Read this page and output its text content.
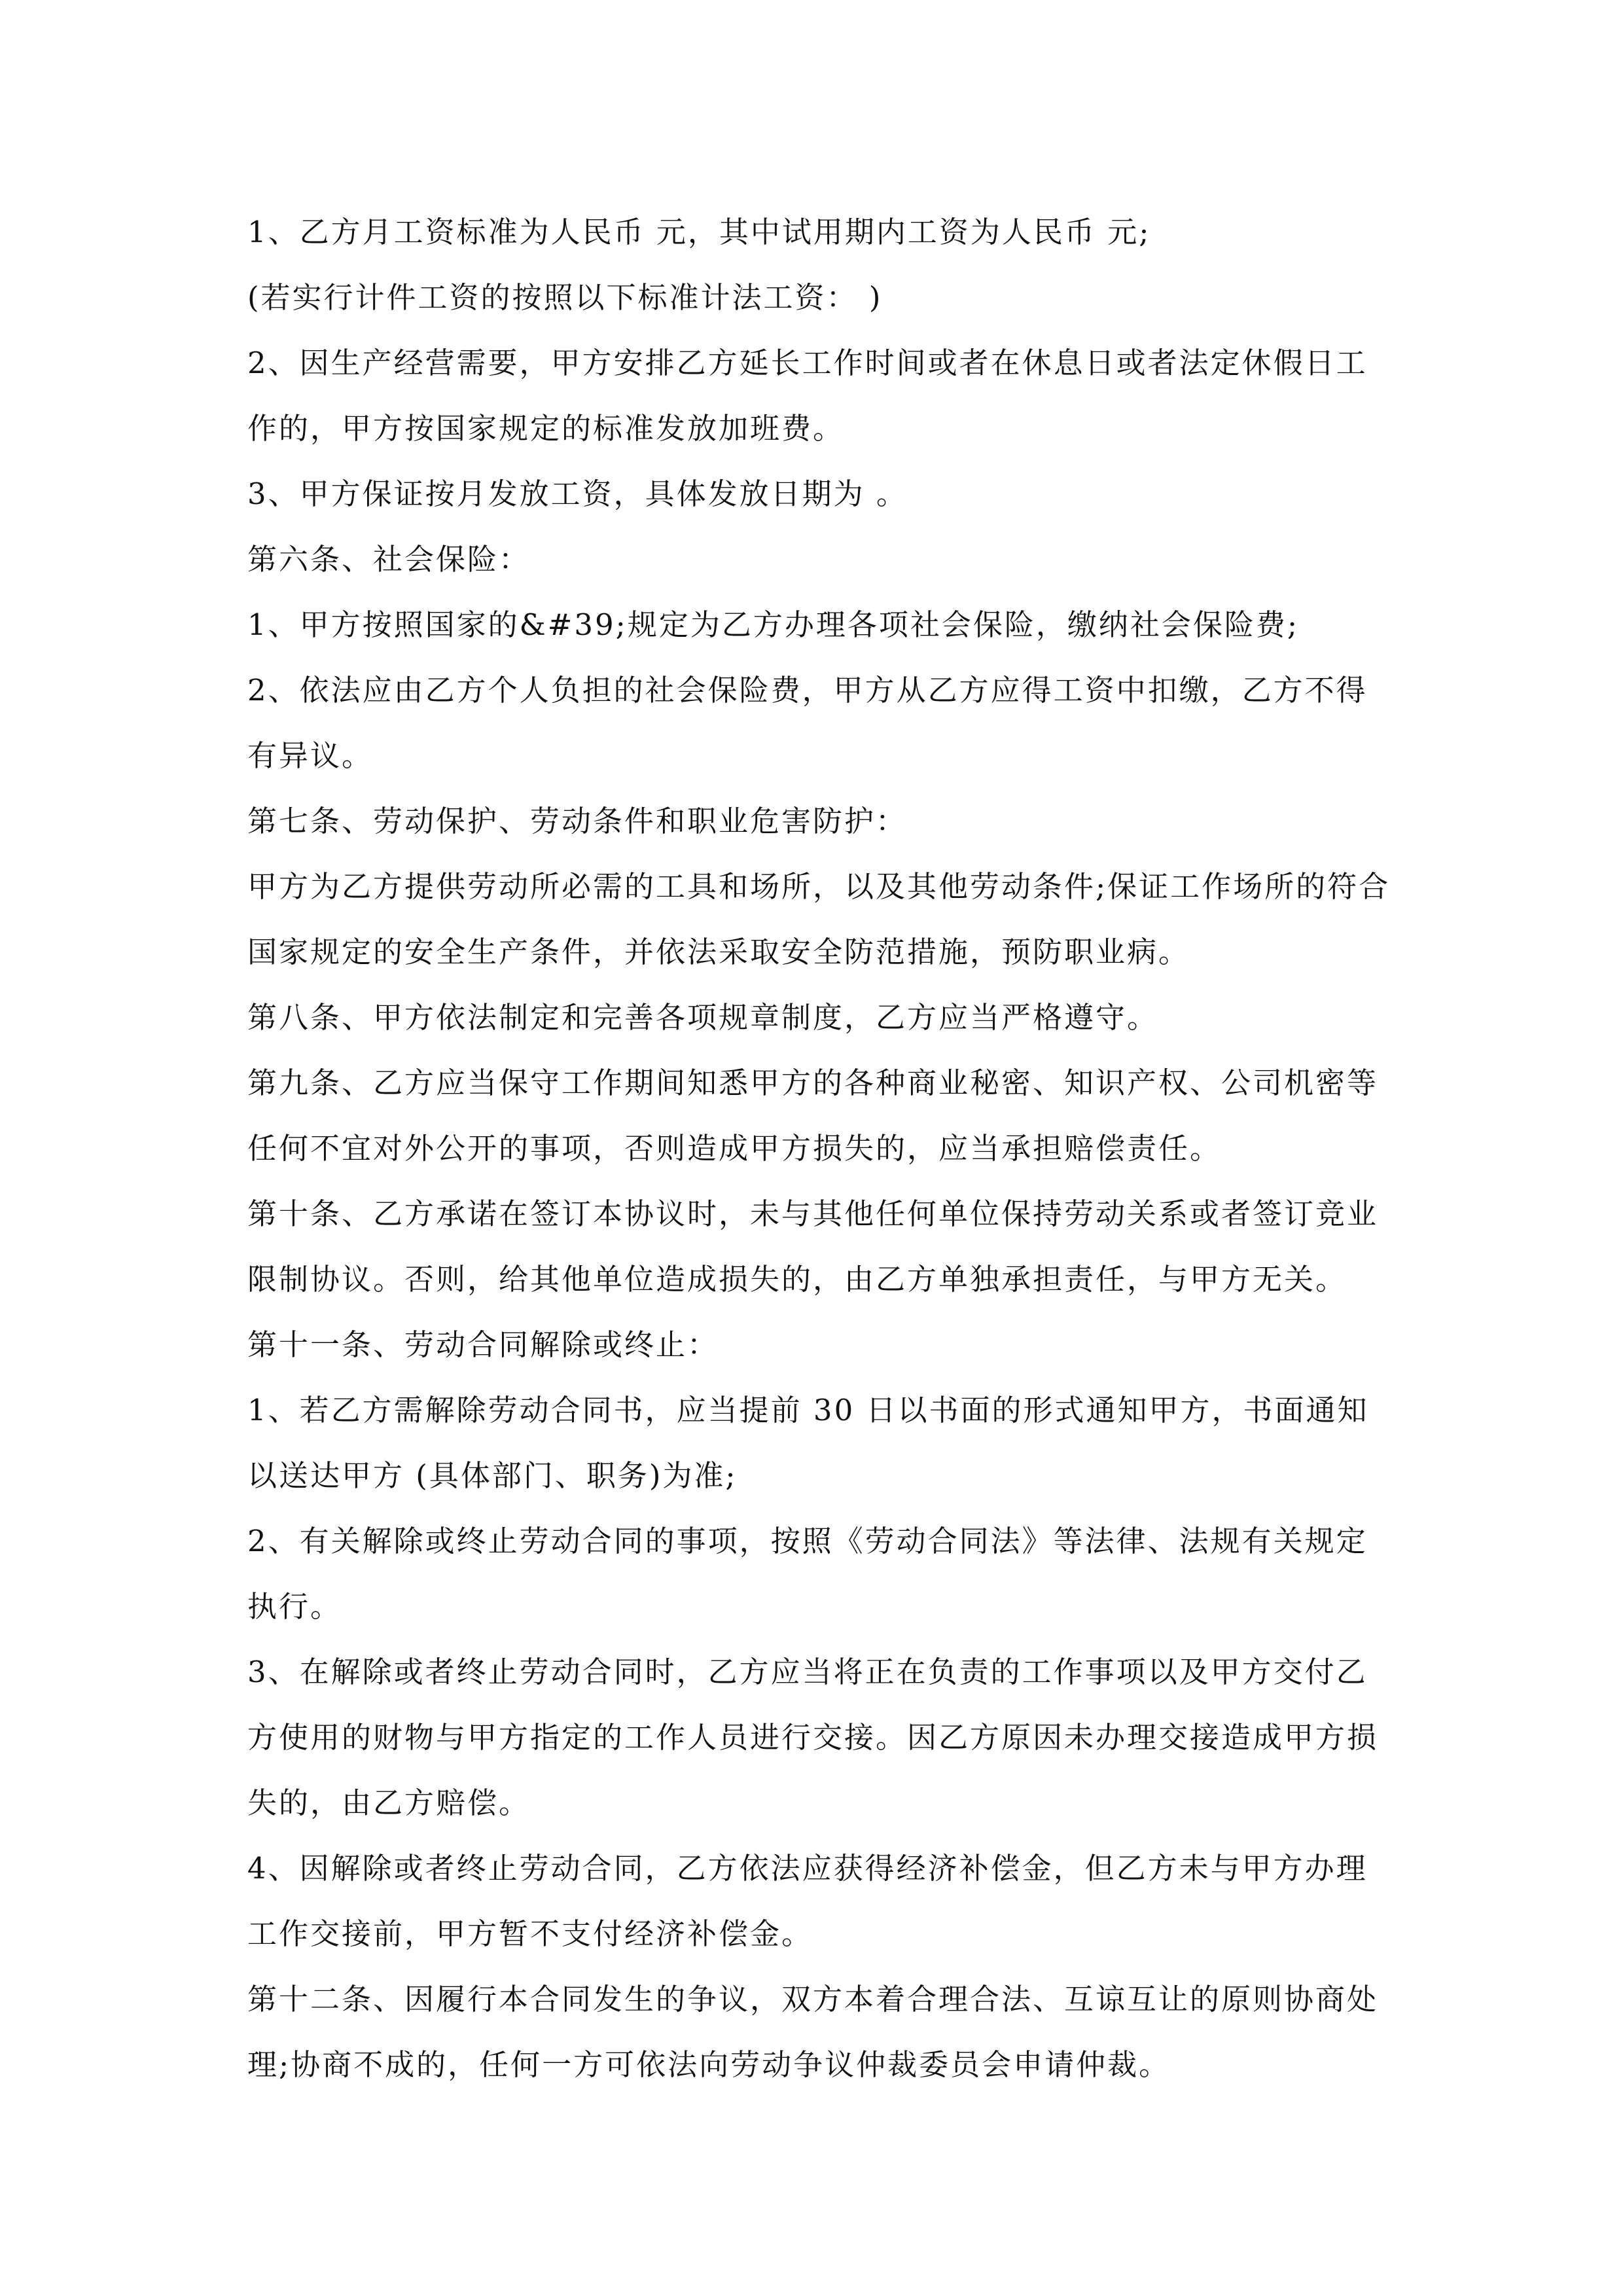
1、乙方月工资标准为人民币 元，其中试用期内工资为人民币 元;

(若实行计件工资的按照以下标准计法工资： )

2、因生产经营需要，甲方安排乙方延长工作时间或者在休息日或者法定休假日工作的，甲方按国家规定的标准发放加班费。

3、甲方保证按月发放工资，具体发放日期为 。

第六条、社会保险：

1、甲方按照国家的&#39;规定为乙方办理各项社会保险，缴纳社会保险费;

2、依法应由乙方个人负担的社会保险费，甲方从乙方应得工资中扣缴，乙方不得有异议。

第七条、劳动保护、劳动条件和职业危害防护：

甲方为乙方提供劳动所必需的工具和场所，以及其他劳动条件;保证工作场所的符合国家规定的安全生产条件，并依法采取安全防范措施，预防职业病。

第八条、甲方依法制定和完善各项规章制度，乙方应当严格遵守。

第九条、乙方应当保守工作期间知悉甲方的各种商业秘密、知识产权、公司机密等任何不宜对外公开的事项，否则造成甲方损失的，应当承担赔偿责任。

第十条、乙方承诺在签订本协议时，未与其他任何单位保持劳动关系或者签订竞业限制协议。否则，给其他单位造成损失的，由乙方单独承担责任，与甲方无关。

第十一条、劳动合同解除或终止：

1、若乙方需解除劳动合同书，应当提前 30 日以书面的形式通知甲方，书面通知以送达甲方 (具体部门、职务)为准;

2、有关解除或终止劳动合同的事项，按照《劳动合同法》等法律、法规有关规定执行。

3、在解除或者终止劳动合同时，乙方应当将正在负责的工作事项以及甲方交付乙方使用的财物与甲方指定的工作人员进行交接。因乙方原因未办理交接造成甲方损失的，由乙方赔偿。

4、因解除或者终止劳动合同，乙方依法应获得经济补偿金，但乙方未与甲方办理工作交接前，甲方暂不支付经济补偿金。

第十二条、因履行本合同发生的争议，双方本着合理合法、互谅互让的原则协商处理;协商不成的，任何一方可依法向劳动争议仲裁委员会申请仲裁。
